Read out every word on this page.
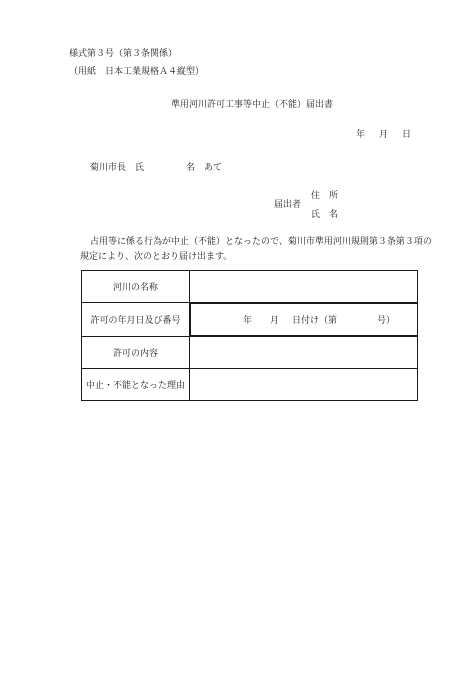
様式第３号（第３条関係）
（用紙　日本工業規格Ａ４縦型）
準用河川許可工事等中止（不能）届出書
年 月 日
菊川市長　氏	名　あて
住　所
届出者
氏　名
占用等に係る行為が中止（不能）となったので、菊川市準用河川規則第３条第３項の
規定により、次のとおり届け出ます。
河川の名称	
許可の年月日及び番号		年 月 日付け（第	号）

許可の内容	
中止・不能となった理由	
